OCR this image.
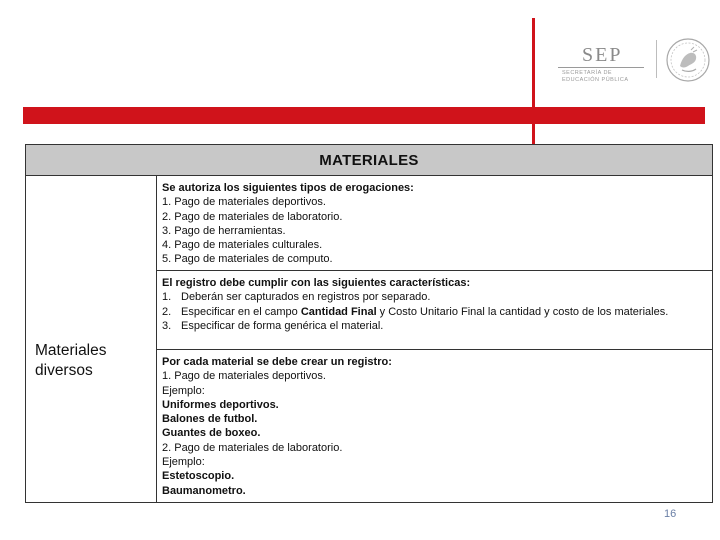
SEP
SECRETARÍA DE
EDUCACIÓN PÚBLICA
MATERIALES
Materiales
diversos
Se autoriza los siguientes tipos de erogaciones:
1. Pago de materiales deportivos.
2. Pago de materiales de laboratorio.
3. Pago de herramientas.
4. Pago de materiales culturales.
5. Pago de materiales de computo.
El registro debe cumplir con las siguientes características:
1. Deberán ser capturados en registros por separado.
2. Especificar en el campo Cantidad Final y Costo Unitario Final la cantidad y costo de los materiales.
3. Especificar de forma genérica el material.
Por cada material se debe crear un registro:
1. Pago de materiales deportivos.
Ejemplo:
Uniformes deportivos.
Balones de futbol.
Guantes de boxeo.
2. Pago de materiales de laboratorio.
Ejemplo:
Estetoscopio.
Baumanometro.
16
